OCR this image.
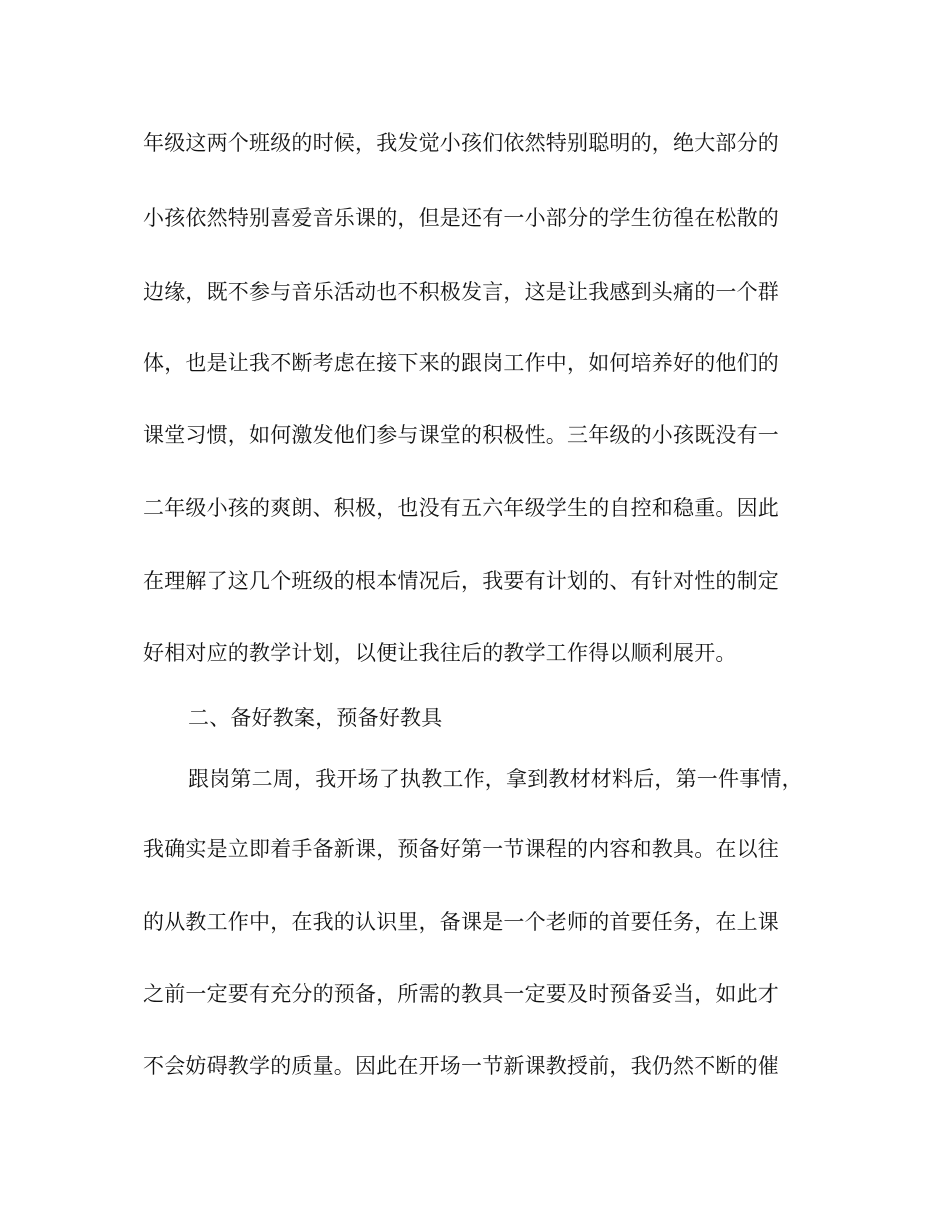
年级这两个班级的时候，我发觉小孩们依然特别聪明的，绝大部分的
小孩依然特别喜爱音乐课的，但是还有一小部分的学生彷徨在松散的
边缘，既不参与音乐活动也不积极发言，这是让我感到头痛的一个群
体，也是让我不断考虑在接下来的跟岗工作中，如何培养好的他们的
课堂习惯，如何激发他们参与课堂的积极性。三年级的小孩既没有一
二年级小孩的爽朗、积极，也没有五六年级学生的自控和稳重。因此
在理解了这几个班级的根本情况后，我要有计划的、有针对性的制定
好相对应的教学计划，以便让我往后的教学工作得以顺利展开。
二、备好教案，预备好教具
跟岗第二周，我开场了执教工作，拿到教材材料后，第一件事情，
我确实是立即着手备新课，预备好第一节课程的内容和教具。在以往
的从教工作中，在我的认识里，备课是一个老师的首要任务，在上课
之前一定要有充分的预备，所需的教具一定要及时预备妥当，如此才
不会妨碍教学的质量。因此在开场一节新课教授前，我仍然不断的催
